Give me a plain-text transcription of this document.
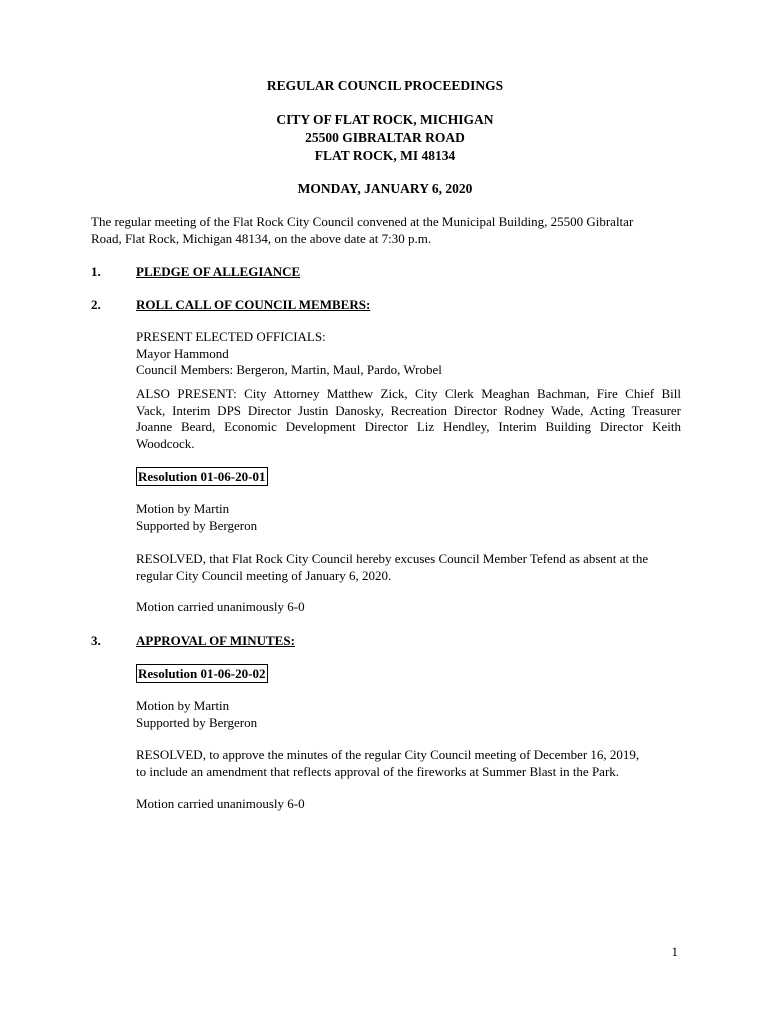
REGULAR COUNCIL PROCEEDINGS
CITY OF FLAT ROCK, MICHIGAN
25500 GIBRALTAR ROAD
FLAT ROCK, MI 48134
MONDAY, JANUARY 6, 2020
The regular meeting of the Flat Rock City Council convened at the Municipal Building, 25500 Gibraltar
Road, Flat Rock, Michigan 48134, on the above date at 7:30 p.m.
1.	PLEDGE OF ALLEGIANCE
2.	ROLL CALL OF COUNCIL MEMBERS:
PRESENT ELECTED OFFICIALS:
Mayor Hammond
Council Members: Bergeron, Martin, Maul, Pardo, Wrobel
ALSO PRESENT: City Attorney Matthew Zick, City Clerk Meaghan Bachman, Fire Chief Bill
Vack, Interim DPS Director Justin Danosky, Recreation Director Rodney Wade, Acting Treasurer
Joanne Beard, Economic Development Director Liz Hendley, Interim Building Director Keith
Woodcock.
Resolution 01-06-20-01
Motion by Martin
Supported by Bergeron
RESOLVED, that Flat Rock City Council hereby excuses Council Member Tefend as absent at the
regular City Council meeting of January 6, 2020.
Motion carried unanimously 6-0
3.	APPROVAL OF MINUTES:
Resolution 01-06-20-02
Motion by Martin
Supported by Bergeron
RESOLVED, to approve the minutes of the regular City Council meeting of December 16, 2019,
to include an amendment that reflects approval of the fireworks at Summer Blast in the Park.
Motion carried unanimously 6-0
1
